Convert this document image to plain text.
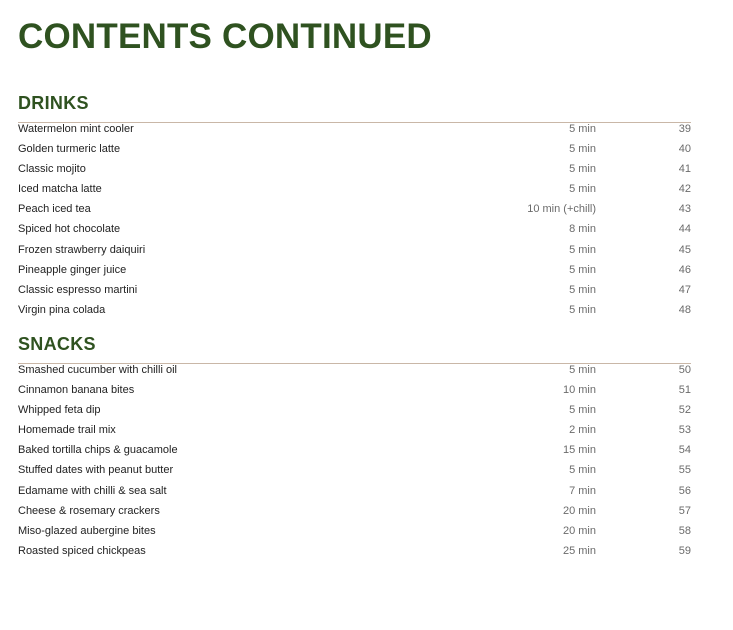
CONTENTS CONTINUED
DRINKS
Watermelon mint cooler	5 min	39
Golden turmeric latte	5 min	40
Classic mojito	5 min	41
Iced matcha latte	5 min	42
Peach iced tea	10 min (+chill)	43
Spiced hot chocolate	8 min	44
Frozen strawberry daiquiri	5 min	45
Pineapple ginger juice	5 min	46
Classic espresso martini	5 min	47
Virgin pina colada	5 min	48
SNACKS
Smashed cucumber with chilli oil	5 min	50
Cinnamon banana bites	10 min	51
Whipped feta dip	5 min	52
Homemade trail mix	2 min	53
Baked tortilla chips & guacamole	15 min	54
Stuffed dates with peanut butter	5 min	55
Edamame with chilli & sea salt	7 min	56
Cheese & rosemary crackers	20 min	57
Miso-glazed aubergine bites	20 min	58
Roasted spiced chickpeas	25 min	59
